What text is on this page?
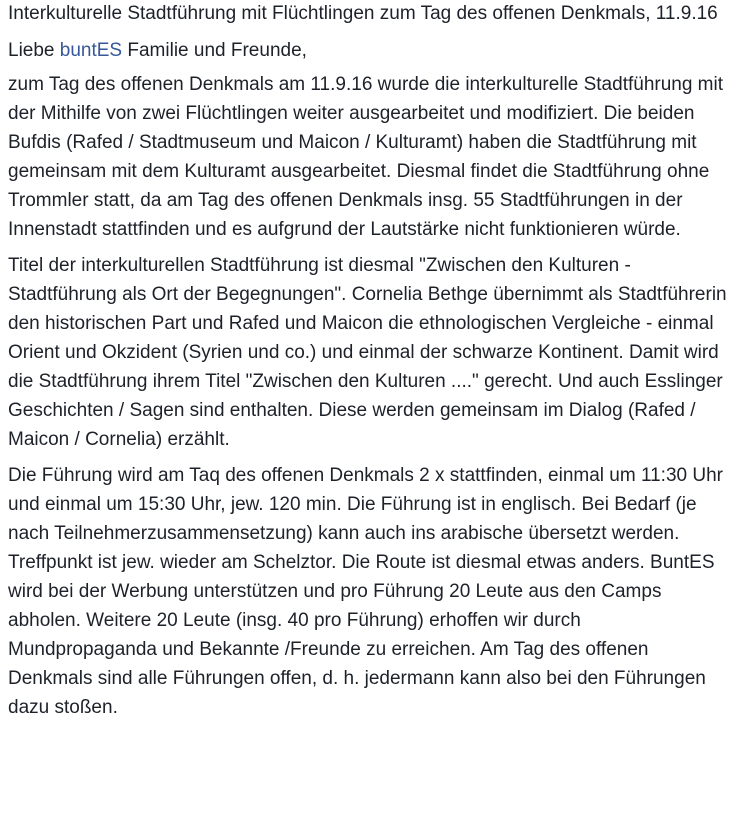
Interkulturelle Stadtführung mit Flüchtlingen zum Tag des offenen Denkmals, 11.9.16
Liebe buntES Familie und Freunde,
zum Tag des offenen Denkmals am 11.9.16 wurde die interkulturelle Stadtführung mit der Mithilfe von zwei Flüchtlingen weiter ausgearbeitet und modifiziert. Die beiden Bufdis (Rafed / Stadtmuseum und Maicon / Kulturamt) haben die Stadtführung mit gemeinsam mit dem Kulturamt ausgearbeitet. Diesmal findet die Stadtführung ohne Trommler statt, da am Tag des offenen Denkmals insg. 55 Stadtführungen in der Innenstadt stattfinden und es aufgrund der Lautstärke nicht funktionieren würde.
Titel der interkulturellen Stadtführung ist diesmal "Zwischen den Kulturen - Stadtführung als Ort der Begegnungen". Cornelia Bethge übernimmt als Stadtführerin den historischen Part und Rafed und Maicon die ethnologischen Vergleiche - einmal Orient und Okzident (Syrien und co.) und einmal der schwarze Kontinent. Damit wird die Stadtführung ihrem Titel "Zwischen den Kulturen ...." gerecht. Und auch Esslinger Geschichten / Sagen sind enthalten. Diese werden gemeinsam im Dialog (Rafed / Maicon / Cornelia) erzählt.
Die Führung wird am Taq des offenen Denkmals 2 x stattfinden, einmal um 11:30 Uhr und einmal um 15:30 Uhr, jew. 120 min. Die Führung ist in englisch. Bei Bedarf (je nach Teilnehmerzusammensetzung) kann auch ins arabische übersetzt werden. Treffpunkt ist jew. wieder am Schelztor. Die Route ist diesmal etwas anders. BuntES wird bei der Werbung unterstützen und pro Führung 20 Leute aus den Camps abholen. Weitere 20 Leute (insg. 40 pro Führung) erhoffen wir durch Mundpropaganda und Bekannte /Freunde zu erreichen. Am Tag des offenen Denkmals sind alle Führungen offen, d. h. jedermann kann also bei den Führungen dazu stoßen.
